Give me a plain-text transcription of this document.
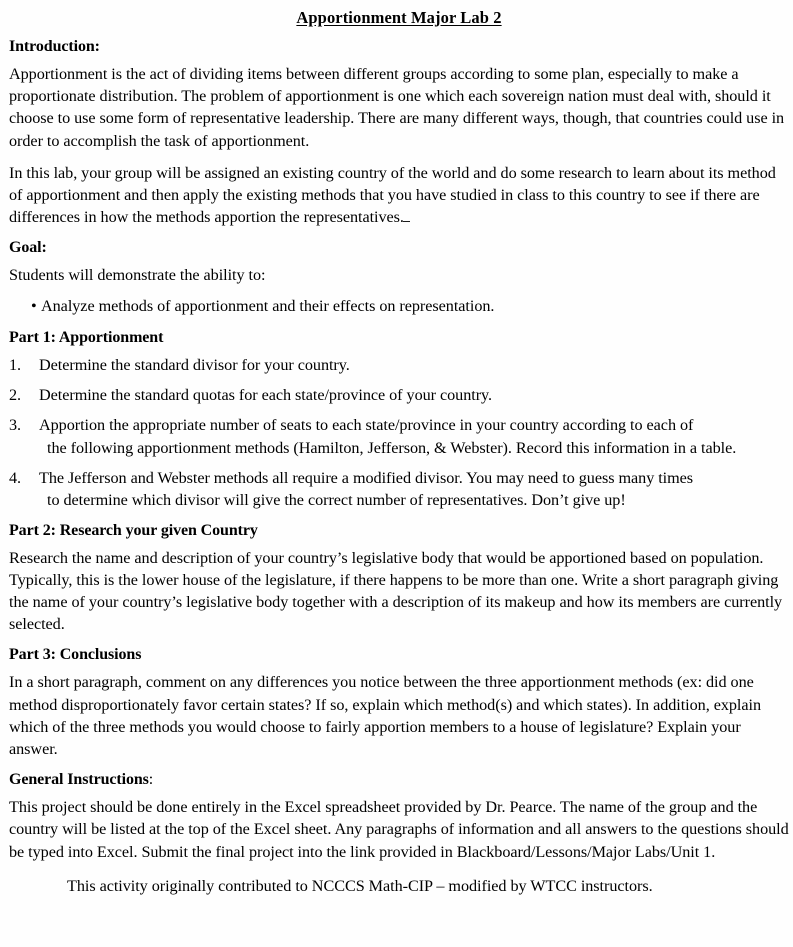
Apportionment Major Lab 2
Introduction:

Apportionment is the act of dividing items between different groups according to some plan, especially to make a proportionate distribution. The problem of apportionment is one which each sovereign nation must deal with, should it choose to use some form of representative leadership. There are many different ways, though, that countries could use in order to accomplish the task of apportionment.

In this lab, your group will be assigned an existing country of the world and do some research to learn about its method of apportionment and then apply the existing methods that you have studied in class to this country to see if there are differences in how the methods apportion the representatives.

Goal:

Students will demonstrate the ability to:

• Analyze methods of apportionment and their effects on representation.
Part 1: Apportionment
1. Determine the standard divisor for your country.
2. Determine the standard quotas for each state/province of your country.
3. Apportion the appropriate number of seats to each state/province in your country according to each of
the following apportionment methods (Hamilton, Jefferson, & Webster). Record this information in a table.
4. The Jefferson and Webster methods all require a modified divisor. You may need to guess many times
to determine which divisor will give the correct number of representatives. Don’t give up!
Part 2: Research your given Country

Research the name and description of your country’s legislative body that would be apportioned based on population. Typically, this is the lower house of the legislature, if there happens to be more than one. Write a short paragraph giving the name of your country’s legislative body together with a description of its makeup and how its members are currently selected.

Part 3: Conclusions

In a short paragraph, comment on any differences you notice between the three apportionment methods (ex: did one method disproportionately favor certain states? If so, explain which method(s) and which states). In addition, explain which of the three methods you would choose to fairly apportion members to a house of legislature? Explain your answer.

General Instructions:

This project should be done entirely in the Excel spreadsheet provided by Dr. Pearce. The name of the group and the country will be listed at the top of the Excel sheet. Any paragraphs of information and all answers to the questions should be typed into Excel. Submit the final project into the link provided in Blackboard/Lessons/Major Labs/Unit 1.

This activity originally contributed to NCCCS Math-CIP – modified by WTCC instructors.
